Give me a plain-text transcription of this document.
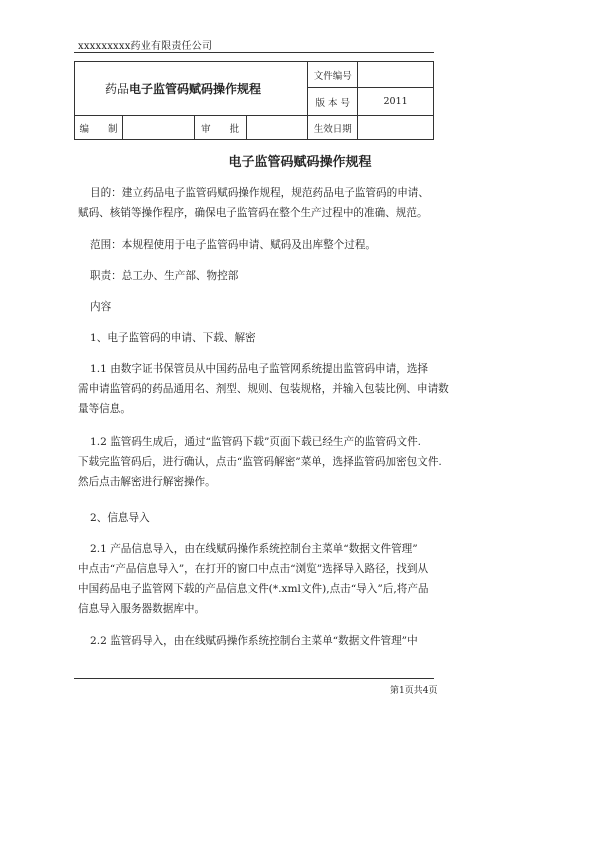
xxxxxxxxx药业有限责任公司
药品电子监管码赋码操作规程				文件编号	
				版 本 号	2011
编　　制		审　　批		生效日期	
电子监管码赋码操作规程
目的：建立药品电子监管码赋码操作规程，规范药品电子监管码的申请、
赋码、核销等操作程序，确保电子监管码在整个生产过程中的准确、规范。
范围：本规程使用于电子监管码申请、赋码及出库整个过程。
职责：总工办、生产部、物控部
内容
1、电子监管码的申请、下载、解密
1.1 由数字证书保管员从中国药品电子监管网系统提出监管码申请，选择
需申请监管码的药品通用名、剂型、规则、包装规格，并输入包装比例、申请数
量等信息。
1.2 监管码生成后，通过“监管码下载”页面下载已经生产的监管码文件.
下载完监管码后，进行确认，点击“监管码解密”菜单，选择监管码加密包文件.
然后点击解密进行解密操作。
2、信息导入
2.1 产品信息导入，由在线赋码操作系统控制台主菜单“数据文件管理”
中点击“产品信息导入”，在打开的窗口中点击“浏览”选择导入路径，找到从
中国药品电子监管网下载的产品信息文件(*.xml文件),点击“导入”后,将产品
信息导入服务器数据库中。
2.2 监管码导入，由在线赋码操作系统控制台主菜单“数据文件管理”中
第1页共4页
